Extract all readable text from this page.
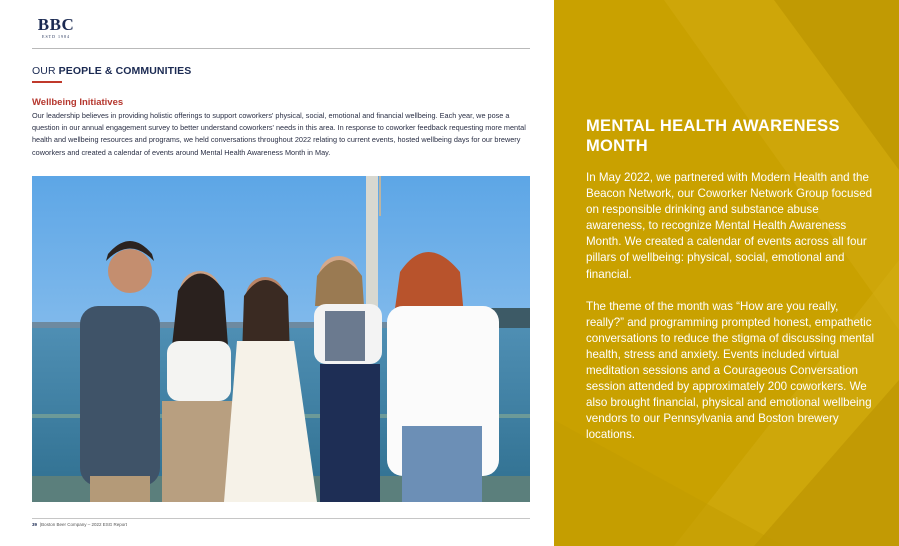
BBC
ESTD 1984
OUR PEOPLE & COMMUNITIES
Wellbeing Initiatives
Our leadership believes in providing holistic offerings to support coworkers' physical, social, emotional and financial wellbeing. Each year, we pose a question in our annual engagement survey to better understand coworkers' needs in this area. In response to coworker feedback requesting more mental health and wellbeing resources and programs, we held conversations throughout 2022 relating to current events, hosted wellbeing days for our brewery coworkers and created a calendar of events around Mental Health Awareness Month in May.
39 |Boston Beer Company – 2022 ESG Report
MENTAL HEALTH AWARENESS MONTH

In May 2022, we partnered with Modern Health and the Beacon Network, our Coworker Network Group focused on responsible drinking and substance abuse awareness, to recognize Mental Health Awareness Month. We created a calendar of events across all four pillars of wellbeing: physical, social, emotional and financial.

The theme of the month was “How are you really, really?” and programming prompted honest, empathetic conversations to reduce the stigma of discussing mental health, stress and anxiety. Events included virtual meditation sessions and a Courageous Conversation session attended by approximately 200 coworkers. We also brought financial, physical and emotional wellbeing vendors to our Pennsylvania and Boston brewery locations.
